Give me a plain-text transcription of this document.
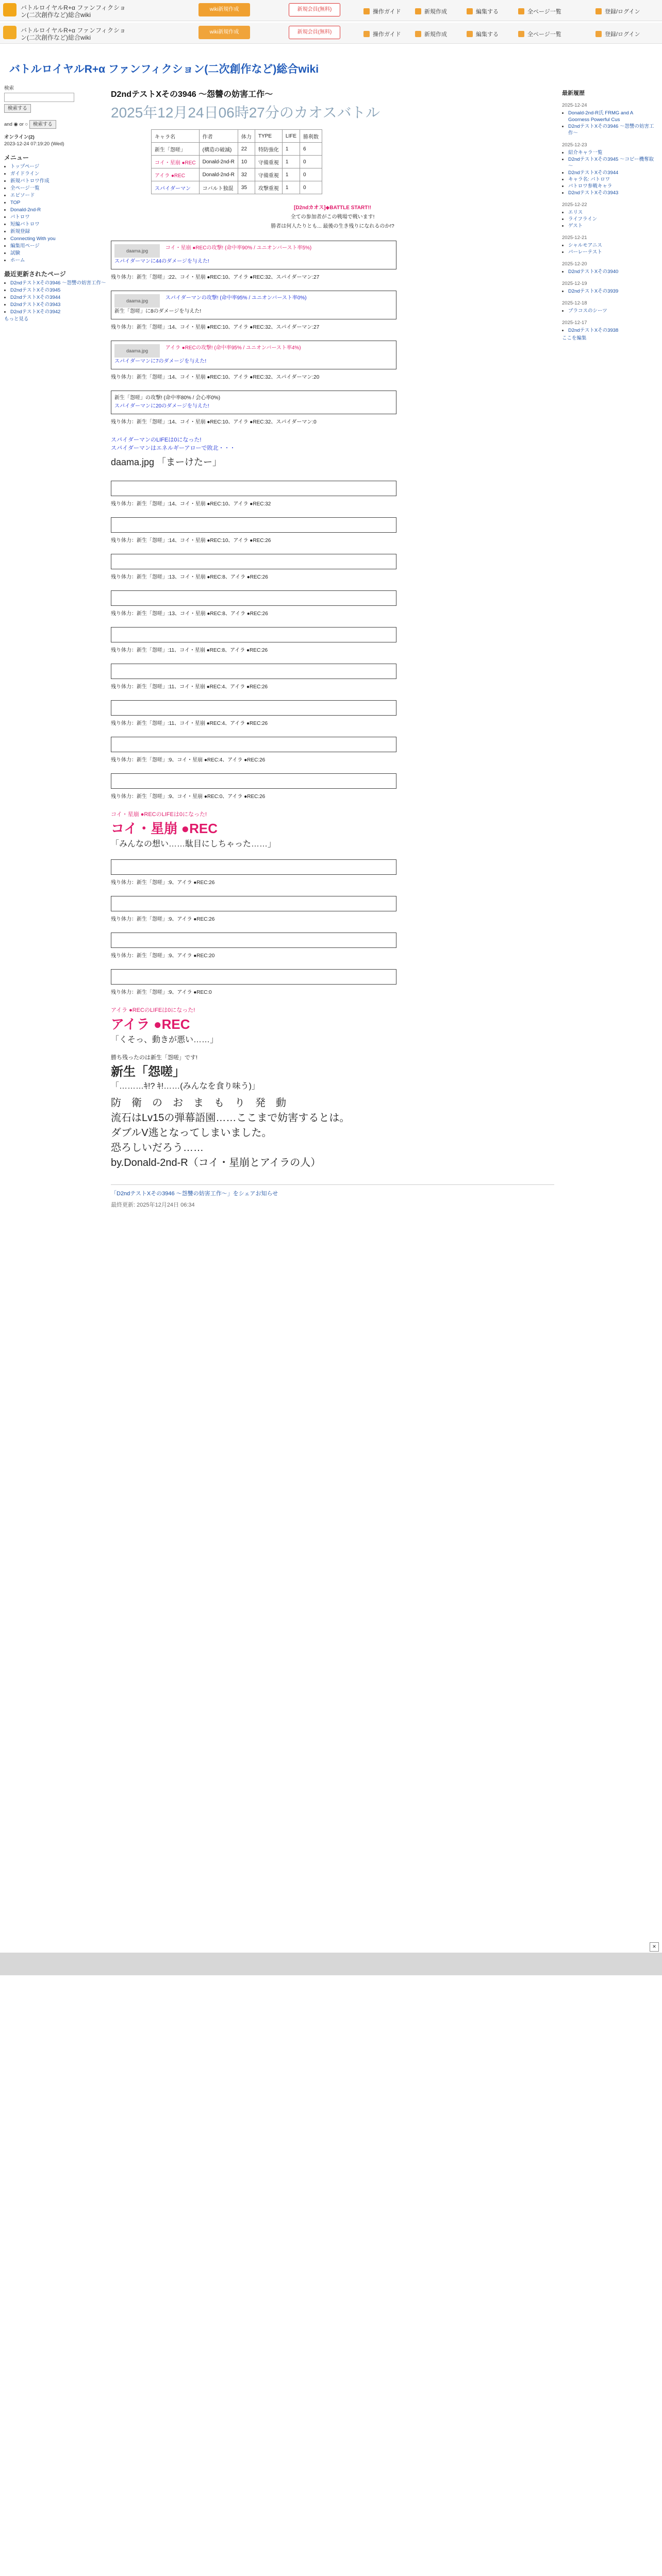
バトルロイヤルR+α ファンフィクション(二次創作など)総合wiki
wiki新規作成	新規会員(無料)	操作ガイド	新規作成	編集する	全ページ一覧	登録/ログイン
バトルロイヤルR+α ファンフィクション(二次創作など)総合wiki
wiki新規作成	新規会員(無料)	操作ガイド	新規作成	編集する	全ページ一覧	登録/ログイン
バトルロイヤルR+α ファンフィクション(二次創作など)総合wiki
検索
検索する
and ◉ or ○ 検索する
オンライン(2)
2023-12-24 07:19:20 (Wed)
メニュー
• トップページ
• ガイドライン
• 新規バトロワ作成
• 全ページ一覧
• エピソード
• TOP
• Donald-2nd-R
• パトロワ
• 短編バトロワ
• 新規登録
• Connecting With you
• 編集用ページ
• 試験
• ホーム
最近更新されたページ
• D2ndテストXその3946 ～怨讐の妨害工作～
• D2ndテストXその3945
• D2ndテストXその3944
• D2ndテストXその3943
• D2ndテストXその3942
もっと見る
D2ndテストXその3946 ～怨讐の妨害工作～
2025年12月24日06時27分のカオスバトル
キャラ名	作者	体力	TYPE	LIFE	勝利数
新生「怨嗟」	(構造の破滅)	22	特防強化	1	6
コイ・星崩 ●REC	Donald-2nd-R	10	守備重視	1	0
アイラ ●REC	Donald-2nd-R	32	守備重視	1	0
スパイダーマン	コバルト独混	35	攻撃重視	1	0
[D2ndカオス]◆BATTLE START!!
全ての参加者がこの戦場で戦います!
勝者は何人たりとも... 最後の生き残りになれるのか!?
daama.jpg	コイ・星崩 ●RECの攻撃! (命中率90% / ユニオンバースト率5%)
スパイダーマンに44のダメージを与えた!
残り体力：新生「怨嗟」:22、コイ・星崩 ●REC:10、アイラ ●REC:32、スパイダーマン:27
daama.jpg	スパイダーマンの攻撃! (命中率95% / ユニオンバースト率0%)
新生「怨嗟」に8のダメージを与えた!
残り体力：新生「怨嗟」:14、コイ・星崩 ●REC:10、アイラ ●REC:32、スパイダーマン:27
daama.jpg	アイラ ●RECの攻撃! (命中率95% / ユニオンバースト率4%)
スパイダーマンに7のダメージを与えた!
残り体力：新生「怨嗟」:14、コイ・星崩 ●REC:10、アイラ ●REC:32、スパイダーマン:20
新生「怨嗟」の攻撃! (命中率80% / 会心率0%)
スパイダーマンに20のダメージを与えた!
残り体力：新生「怨嗟」:14、コイ・星崩 ●REC:10、アイラ ●REC:32、スパイダーマン:0
スパイダーマンのLIFEは0になった!
スパイダーマンはエネルギーアローで敗北・・・
daama.jpg 「まーけたー」

残り体力：新生「怨嗟」:14、コイ・星崩 ●REC:10、アイラ ●REC:32

残り体力：新生「怨嗟」:14、コイ・星崩 ●REC:10、アイラ ●REC:26

残り体力：新生「怨嗟」:13、コイ・星崩 ●REC:8、アイラ ●REC:26

残り体力：新生「怨嗟」:13、コイ・星崩 ●REC:8、アイラ ●REC:26

残り体力：新生「怨嗟」:11、コイ・星崩 ●REC:8、アイラ ●REC:26

残り体力：新生「怨嗟」:11、コイ・星崩 ●REC:4、アイラ ●REC:26

残り体力：新生「怨嗟」:11、コイ・星崩 ●REC:4、アイラ ●REC:26

残り体力：新生「怨嗟」:9、コイ・星崩 ●REC:4、アイラ ●REC:26

残り体力：新生「怨嗟」:9、コイ・星崩 ●REC:0、アイラ ●REC:26
コイ・星崩 ●RECのLIFEは0になった!
コイ・星崩 ●REC
「みんなの想い……駄目にしちゃった……」

残り体力：新生「怨嗟」:9、アイラ ●REC:26

残り体力：新生「怨嗟」:9、アイラ ●REC:26

残り体力：新生「怨嗟」:9、アイラ ●REC:20

残り体力：新生「怨嗟」:9、アイラ ●REC:0
アイラ ●RECのLIFEは0になった!
アイラ ●REC
「くそっ、動きが悪い……」
勝ち残ったのは新生「怨嗟」です!
新生「怨嗟」
「………ｷ!? ｷ!……(みんなを食り味う)」
防　衛　の　お　ま　も　り　発　動
流石はLv15の弾幕語園……ここまで妨害するとは。
ダブルV逃となってしまいました。
恐ろしいだろう……
by.Donald-2nd-R（コイ・星崩とアイラの人）
「D2ndテストXその3946 ～怨讐の妨害工作～」をシェアお知らせ
最終更新: 2025年12月24日 06:34
最新履歴
2025-12-24
• Donald-2nd-R氏 FRMG and A Goorness Powerful Cus
• D2ndテストXその3946 ～怨讐の妨害工作～
2025-12-23
• 紹介キャラ一覧
• D2ndテストXその3945 ～コピー機奪取～
• D2ndテストXその3944
• キャラ名: パトロワ
• パトロワ参戦キャラ
• D2ndテストXその3943
2025-12-22
• エリス
• ライフライン
• ゲスト
2025-12-21
• シャルモアニス
• パーレーテスト
2025-12-20
• D2ndテストXその3940
2025-12-19
• D2ndテストXその3939
2025-12-18
• ブラコスのシーツ
2025-12-17
• D2ndテストXその3938
ここを編集
×
